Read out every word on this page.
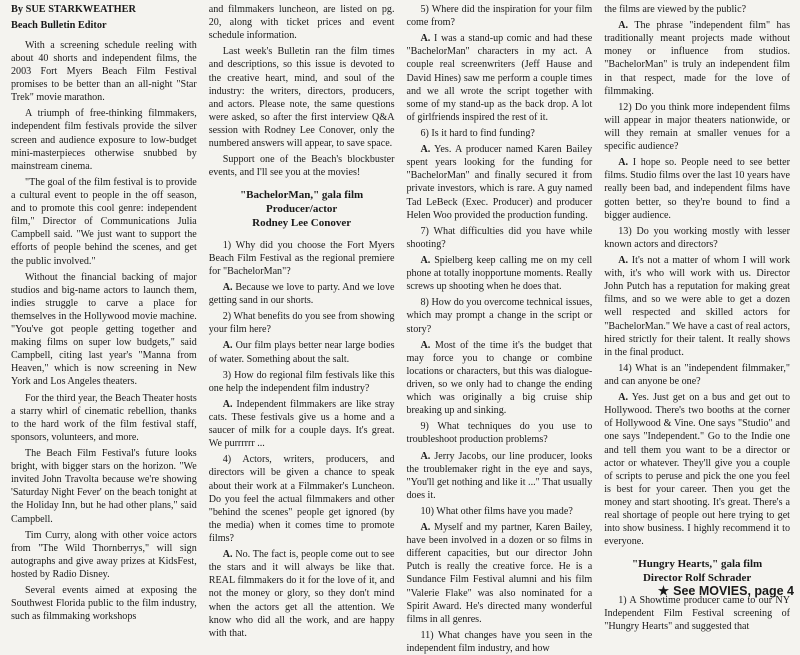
By SUE STARKWEATHER

Beach Bulletin Editor

With a screening schedule reeling with about 40 shorts and independent films, the 2003 Fort Myers Beach Film Festival promises to be better than an all-night "Star Trek" movie marathon.

A triumph of free-thinking filmmakers, independent film festivals provide the silver screen and audience exposure to low-budget mini-masterpieces otherwise snubbed by mainstream cinema.

"The goal of the film festival is to provide a cultural event to people in the off season, and to promote this cool genre: independent film," Director of Communications Julia Campbell said. "We just want to support the efforts of people behind the scenes, and get the public involved."

Without the financial backing of major studios and big-name actors to launch them, indies struggle to carve a place for themselves in the Hollywood movie machine. "You've got people getting together and making films on super low budgets," said Campbell, citing last year's "Manna from Heaven," which is now screening in New York and Los Angeles theaters.

For the third year, the Beach Theater hosts a starry whirl of cinematic rebellion, thanks to the hard work of the film festival staff, sponsors, volunteers, and more.

The Beach Film Festival's future looks bright, with bigger stars on the horizon. "We invited John Travolta because we're showing 'Saturday Night Fever' on the beach tonight at the Holiday Inn, but he had other plans," said Campbell.

Tim Curry, along with other voice actors from "The Wild Thornberrys," will sign autographs and give away prizes at KidsFest, hosted by Radio Disney.

Several events aimed at exposing the Southwest Florida public to the film industry, such as filmmaking workshops

and filmmakers luncheon, are listed on pg. 20, along with ticket prices and event schedule information.

Last week's Bulletin ran the film times and descriptions, so this issue is devoted to the creative heart, mind, and soul of the industry: the writers, directors, producers, and actors. Please note, the same questions were asked, so after the first interview Q&A session with Rodney Lee Conover, only the numbered answers will appear, to save space.

Support one of the Beach's blockbuster events, and I'll see you at the movies!

"BachelorMan," gala film
Producer/actor
Rodney Lee Conover

1) Why did you choose the Fort Myers Beach Film Festival as the regional premiere for "BachelorMan"?

A. Because we love to party. And we love getting sand in our shorts.

2) What benefits do you see from showing your film here?

A. Our film plays better near large bodies of water. Something about the salt.

3) How do regional film festivals like this one help the independent film industry?

A. Independent filmmakers are like stray cats. These festivals give us a home and a saucer of milk for a couple days. It's great. We purrrrrr ...

4) Actors, writers, producers, and directors will be given a chance to speak about their work at a Filmmaker's Luncheon. Do you feel the actual filmmakers and other "behind the scenes" people get ignored (by the media) when it comes time to promote films?

A. No. The fact is, people come out to see the stars and it will always be like that. REAL filmmakers do it for the love of it, and not the money or glory, so they don't mind when the actors get all the attention. We know who did all the work, and are happy with that.

5) Where did the inspiration for your film come from?

A. I was a stand-up comic and had these "BachelorMan" characters in my act. A couple real screenwriters (Jeff Hause and David Hines) saw me perform a couple times and we all wrote the script together with some of my stand-up as the back drop. A lot of girlfriends inspired the rest of it.

6) Is it hard to find funding?

A. Yes. A producer named Karen Bailey spent years looking for the funding for "BachelorMan" and finally secured it from private investors, which is rare. A guy named Tad LeBeck (Exec. Producer) and producer Helen Woo provided the production funding.

7) What difficulties did you have while shooting?

A. Spielberg keep calling me on my cell phone at totally inopportune moments. Really screws up shooting when he does that.

8) How do you overcome technical issues, which may prompt a change in the script or story?

A. Most of the time it's the budget that may force you to change or combine locations or characters, but this was dialogue-driven, so we only had to change the ending which was originally a big cruise ship breaking up and sinking.

9) What techniques do you use to troubleshoot production problems?

A. Jerry Jacobs, our line producer, looks the troublemaker right in the eye and says, "You'll get nothing and like it ..." That usually does it.

10) What other films have you made?

A. Myself and my partner, Karen Bailey, have been involved in a dozen or so films in different capacities, but our director John Putch is really the creative force. He is a Sundance Film Festival alumni and his film "Valerie Flake" was also nominated for a Spirit Award. He's directed many wonderful films in all genres.

11) What changes have you seen in the independent film industry, and how

the films are viewed by the public?

A. The phrase "independent film" has traditionally meant projects made without money or influence from studios. "BachelorMan" is truly an independent film in that respect, made for the love of filmmaking.

12) Do you think more independent films will appear in major theaters nationwide, or will they remain at smaller venues for a specific audience?

A. I hope so. People need to see better films. Studio films over the last 10 years have really been bad, and independent films have gotten better, so they're bound to find a bigger audience.

13) Do you working mostly with lesser known actors and directors?

A. It's not a matter of whom I will work with, it's who will work with us. Director John Putch has a reputation for making great films, and so we were able to get a dozen well respected and skilled actors for "BachelorMan." We have a cast of real actors, hired strictly for their talent. It really shows in the final product.

14) What is an "independent filmmaker," and can anyone be one?

A. Yes. Just get on a bus and get out to Hollywood. There's two booths at the corner of Hollywood & Vine. One says "Studio" and one says "Independent." Go to the Indie one and tell them you want to be a director or actor or whatever. They'll give you a couple of scripts to peruse and pick the one you feel is best for your career. Then you get the money and start shooting. It's great. There's a real shortage of people out here trying to get into show business. I highly recommend it to everyone.

"Hungry Hearts," gala film
Director Rolf Schrader

1) A Showtime producer came to our NY Independent Film Festival screening of "Hungry Hearts" and suggested that

★ See MOVIES, page 4
